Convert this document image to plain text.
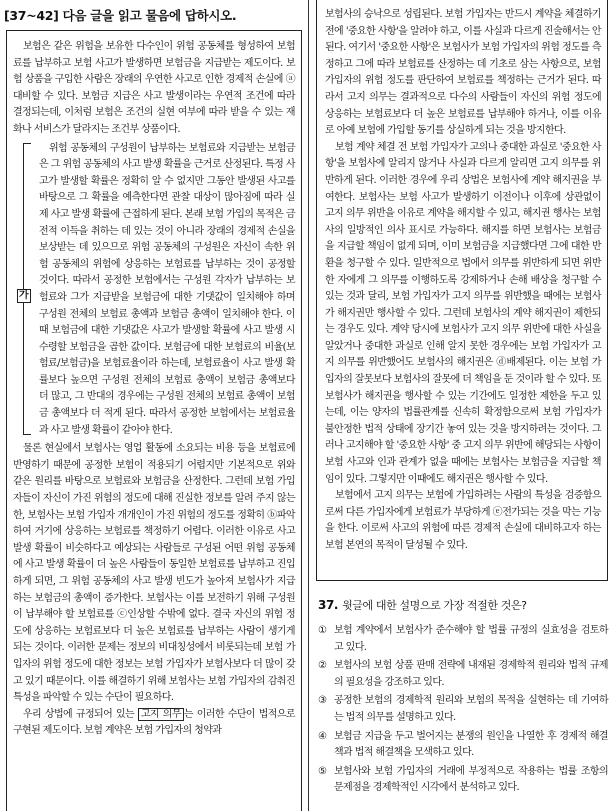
[37~42] 다음 글을 읽고 물음에 답하시오.

보험은 같은 위험을 보유한 다수인이 위험 공동체를 형성하여 보험료를 납부하고 보험 사고가 발생하면 보험금을 지급받는 제도이다. 보험 상품을 구입한 사람은 장래의 우연한 사고로 인한 경제적 손실에 ⓐ대비할 수 있다. 보험금 지급은 사고 발생이라는 우연적 조건에 따라 결정되는데, 이처럼 보험은 조건의 실현 여부에 따라 받을 수 있는 재화나 서비스가 달라지는 조건부 상품이다.

가

위험 공동체의 구성원이 납부하는 보험료와 지급받는 보험금은 그 위험 공동체의 사고 발생 확률을 근거로 산정된다. 특정 사고가 발생할 확률은 정확히 알 수 없지만 그동안 발생된 사고를 바탕으로 그 확률을 예측한다면 관찰 대상이 많아짐에 따라 실제 사고 발생 확률에 근접하게 된다. 본래 보험 가입의 목적은 금전적 이득을 취하는 데 있는 것이 아니라 장래의 경제적 손실을 보상받는 데 있으므로 위험 공동체의 구성원은 자신이 속한 위험 공동체의 위험에 상응하는 보험료를 납부하는 것이 공정할 것이다. 따라서 공정한 보험에서는 구성원 각자가 납부하는 보험료와 그가 지급받을 보험금에 대한 기댓값이 일치해야 하며 구성원 전체의 보험료 총액과 보험금 총액이 일치해야 한다. 이때 보험금에 대한 기댓값은 사고가 발생할 확률에 사고 발생 시 수령할 보험금을 곱한 값이다. 보험금에 대한 보험료의 비율(보험료/보험금)을 보험료율이라 하는데, 보험료율이 사고 발생 확률보다 높으면 구성원 전체의 보험료 총액이 보험금 총액보다 더 많고, 그 반대의 경우에는 구성원 전체의 보험료 총액이 보험금 총액보다 더 적게 된다. 따라서 공정한 보험에서는 보험료율과 사고 발생 확률이 같아야 한다.

물론 현실에서 보험사는 영업 활동에 소요되는 비용 등을 보험료에 반영하기 때문에 공정한 보험이 적용되기 어렵지만 기본적으로 위와 같은 원리를 바탕으로 보험료와 보험금을 산정한다. 그런데 보험 가입자들이 자신이 가진 위험의 정도에 대해 진실한 정보를 알려 주지 않는 한, 보험사는 보험 가입자 개개인이 가진 위험의 정도를 정확히 ⓑ파악하여 거기에 상응하는 보험료를 책정하기 어렵다. 이러한 이유로 사고 발생 확률이 비슷하다고 예상되는 사람들로 구성된 어떤 위험 공동체에 사고 발생 확률이 더 높은 사람들이 동일한 보험료를 납부하고 진입하게 되면, 그 위험 공동체의 사고 발생 빈도가 높아져 보험사가 지급하는 보험금의 총액이 증가한다. 보험사는 이를 보전하기 위해 구성원이 납부해야 할 보험료를 ⓒ인상할 수밖에 없다. 결국 자신의 위험 정도에 상응하는 보험료보다 더 높은 보험료를 납부하는 사람이 생기게 되는 것이다. 이러한 문제는 정보의 비대칭성에서 비롯되는데 보험 가입자의 위험 정도에 대한 정보는 보험 가입자가 보험사보다 더 많이 갖고 있기 때문이다. 이를 해결하기 위해 보험사는 보험 가입자의 감춰진 특성을 파악할 수 있는 수단이 필요하다.

우리 상법에 규정되어 있는 고지 의무 는 이러한 수단이 법적으로 구현된 제도이다. 보험 계약은 보험 가입자의 청약과

보험사의 승낙으로 성립된다. 보험 가입자는 반드시 계약을 체결하기 전에 '중요한 사항'을 알려야 하고, 이를 사실과 다르게 진술해서는 안 된다. 여기서 '중요한 사항'은 보험사가 보험 가입자의 위험 정도를 측정하고 그에 따라 보험료를 산정하는 데 기초로 삼는 사항으로, 보험 가입자의 위험 정도를 판단하여 보험료를 책정하는 근거가 된다. 따라서 고지 의무는 결과적으로 다수의 사람들이 자신의 위험 정도에 상응하는 보험료보다 더 높은 보험료를 납부해야 하거나, 이를 이유로 아예 보험에 가입할 동기를 상실하게 되는 것을 방지한다.

보험 계약 체결 전 보험 가입자가 고의나 중대한 과실로 '중요한 사항'을 보험사에 알리지 않거나 사실과 다르게 알리면 고지 의무를 위반하게 된다. 이러한 경우에 우리 상법은 보험사에 계약 해지권을 부여한다. 보험사는 보험 사고가 발생하기 이전이나 이후에 상관없이 고지 의무 위반을 이유로 계약을 해지할 수 있고, 해지권 행사는 보험사의 일방적인 의사 표시로 가능하다. 해지를 하면 보험사는 보험금을 지급할 책임이 없게 되며, 이미 보험금을 지급했다면 그에 대한 반환을 청구할 수 있다. 일반적으로 법에서 의무를 위반하게 되면 위반한 자에게 그 의무를 이행하도록 강제하거나 손해 배상을 청구할 수 있는 것과 달리, 보험 가입자가 고지 의무를 위반했을 때에는 보험사가 해지권만 행사할 수 있다. 그런데 보험사의 계약 해지권이 제한되는 경우도 있다. 계약 당시에 보험사가 고지 의무 위반에 대한 사실을 알았거나 중대한 과실로 인해 알지 못한 경우에는 보험 가입자가 고지 의무를 위반했어도 보험사의 해지권은 ⓓ배제된다. 이는 보험 가입자의 잘못보다 보험사의 잘못에 더 책임을 둔 것이라 할 수 있다. 또 보험사가 해지권을 행사할 수 있는 기간에도 일정한 제한을 두고 있는데, 이는 양자의 법률관계를 신속히 확정함으로써 보험 가입자가 불안정한 법적 상태에 장기간 놓여 있는 것을 방지하려는 것이다. 그러나 고지해야 할 '중요한 사항' 중 고지 의무 위반에 해당되는 사항이 보험 사고와 인과 관계가 없을 때에는 보험사는 보험금을 지급할 책임이 있다. 그렇지만 이때에도 해지권은 행사할 수 있다.

보험에서 고지 의무는 보험에 가입하려는 사람의 특성을 검증함으로써 다른 가입자에게 보험료가 부당하게 ⓔ전가되는 것을 막는 기능을 한다. 이로써 사고의 위험에 따른 경제적 손실에 대비하고자 하는 보험 본연의 목적이 달성될 수 있다.

37. 윗글에 대한 설명으로 가장 적절한 것은?
① 보험 계약에서 보험사가 준수해야 할 법률 규정의 실효성을 검토하고 있다.
② 보험사의 보험 상품 판매 전략에 내재된 경제학적 원리와 법적 규제의 필요성을 강조하고 있다.
③ 공정한 보험의 경제학적 원리와 보험의 목적을 실현하는 데 기여하는 법적 의무를 설명하고 있다.
④ 보험금 지급을 두고 벌어지는 분쟁의 원인을 나열한 후 경제적 해결책과 법적 해결책을 모색하고 있다.
⑤ 보험사와 보험 가입자의 거래에 부정적으로 작용하는 법률 조항의 문제점을 경제학적인 시각에서 분석하고 있다.
